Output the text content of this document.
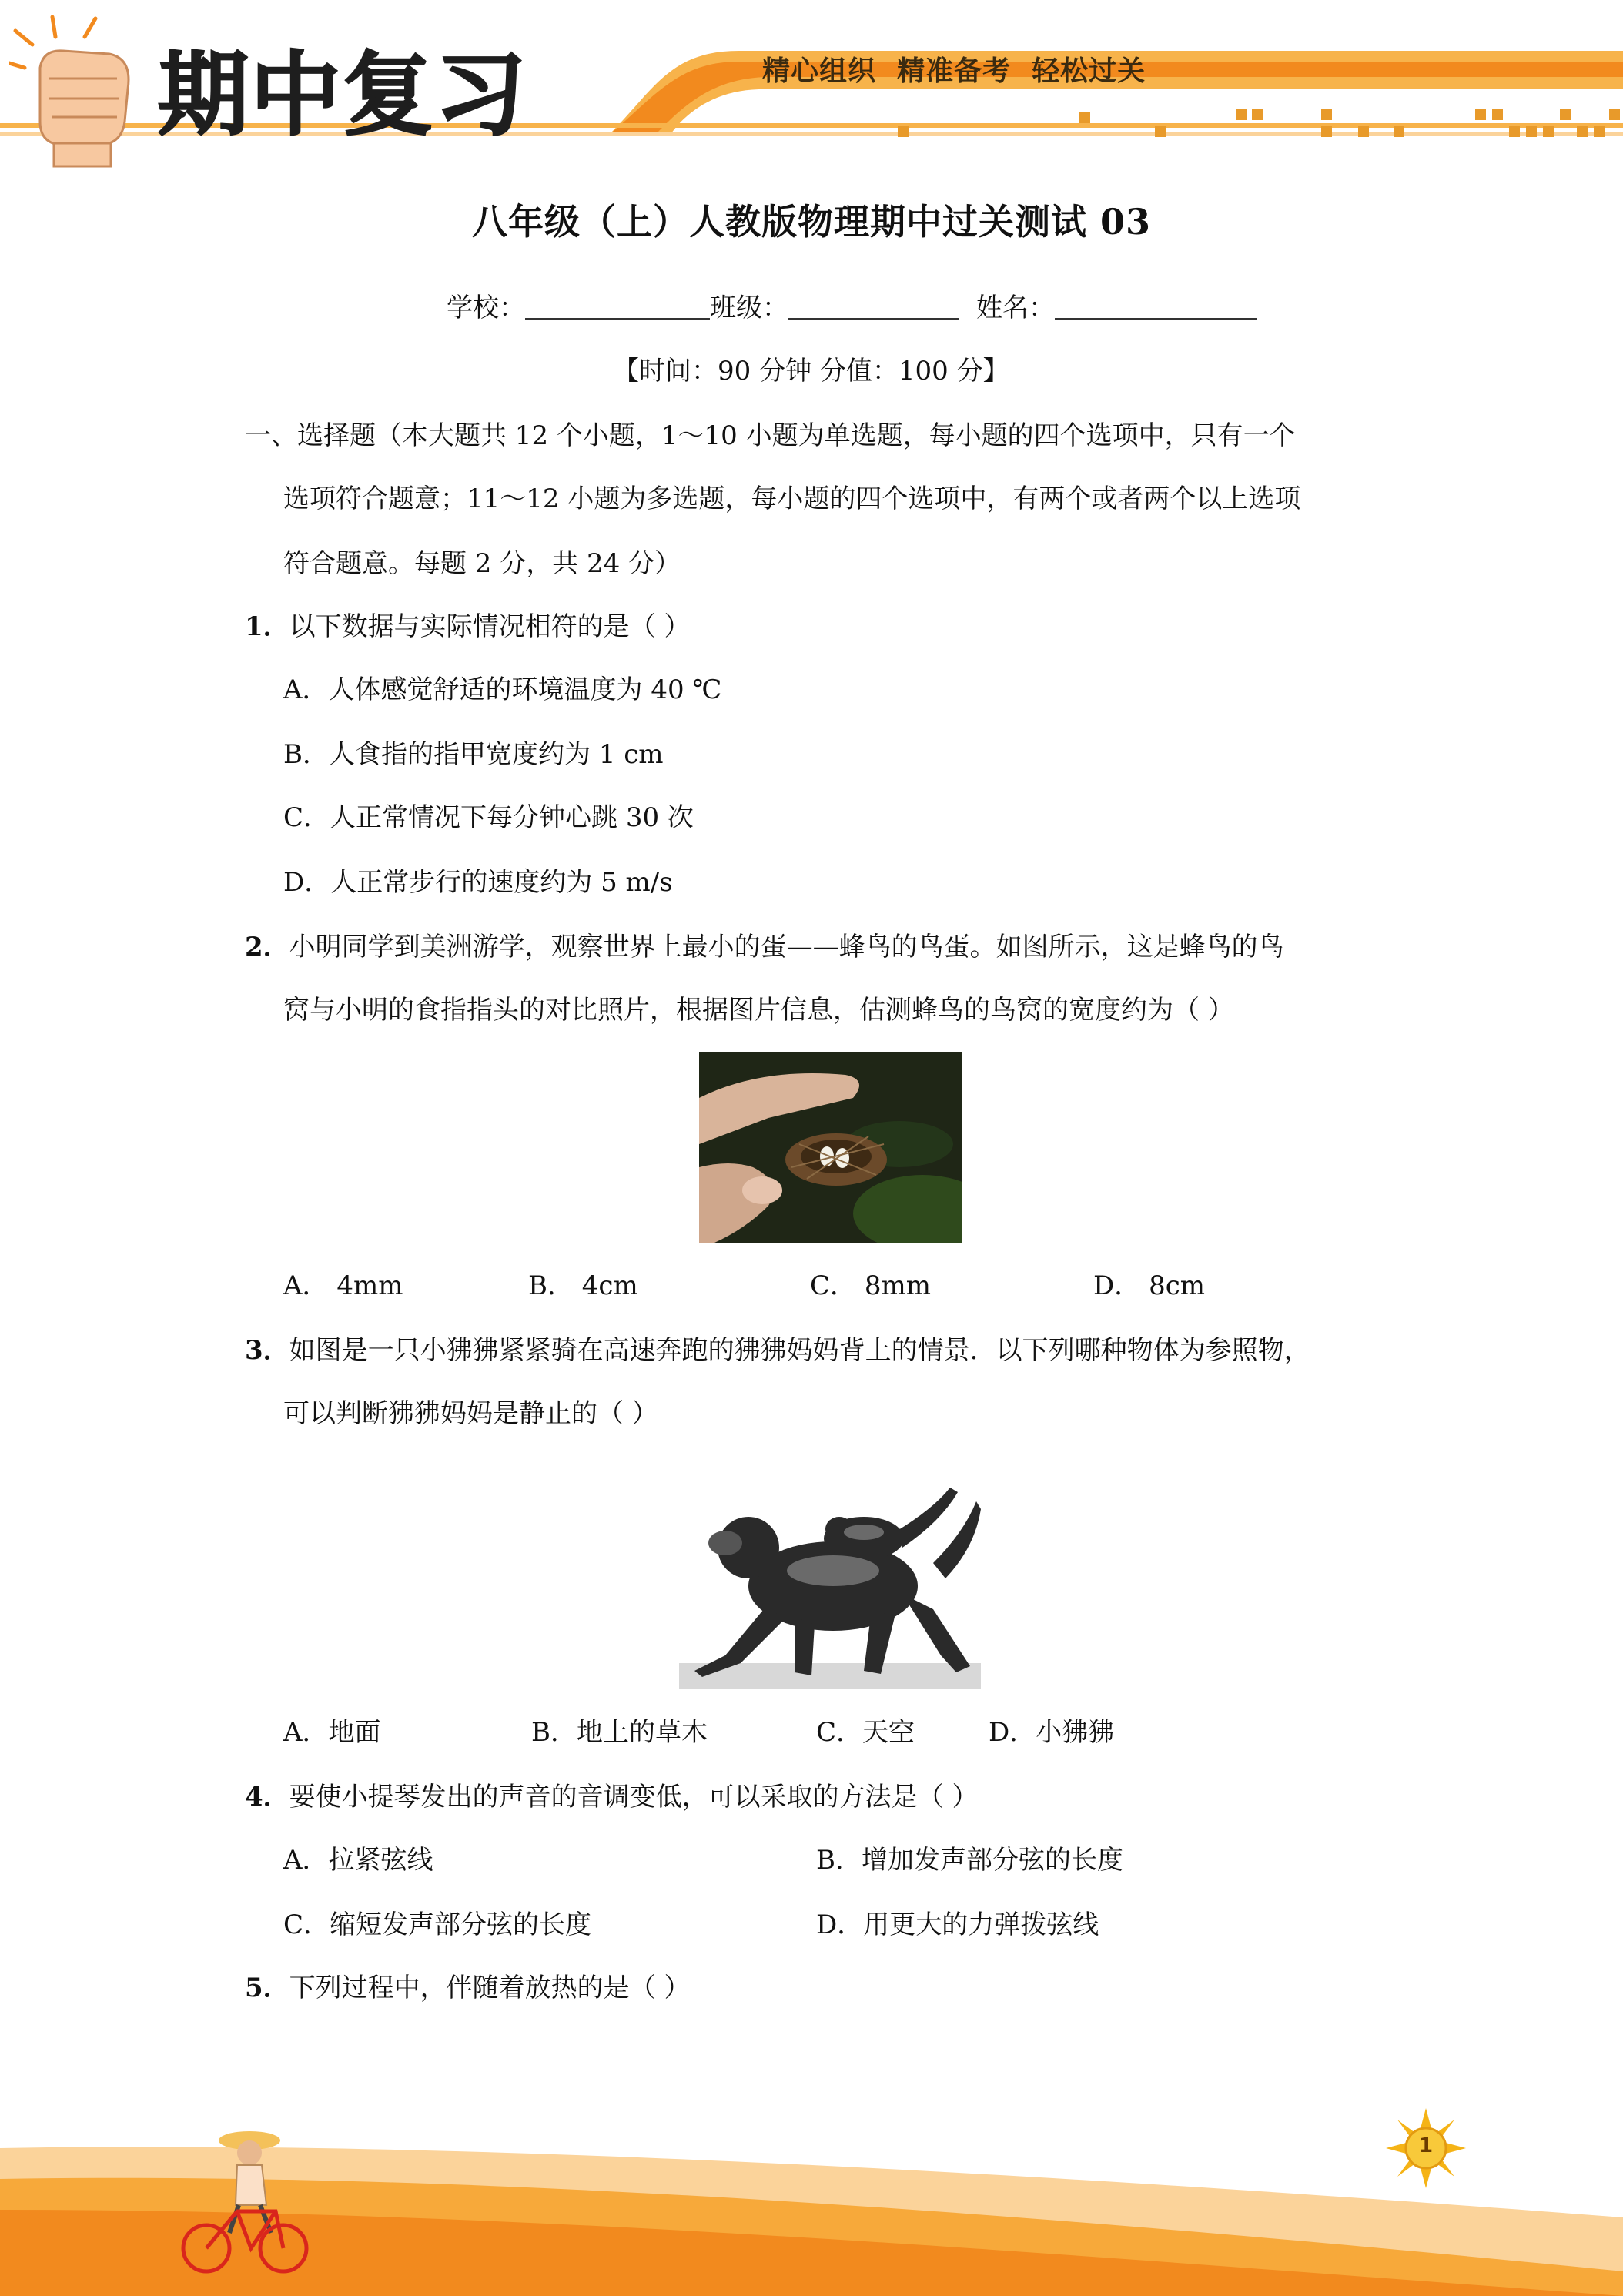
期中复习	精心组织  精准备考  轻松过关
八年级（上）人教版物理期中过关测试 03
学校：	班级：	姓名：
【时间：90 分钟 分值：100 分】
一、选择题（本大题共 12 个小题，1～10 小题为单选题，每小题的四个选项中，只有一个
选项符合题意；11～12 小题为多选题，每小题的四个选项中，有两个或者两个以上选项
符合题意。每题 2 分，共 24 分）
1．以下数据与实际情况相符的是（ ）
A．人体感觉舒适的环境温度为 40 ℃
B．人食指的指甲宽度约为 1 cm
C．人正常情况下每分钟心跳 30 次
D．人正常步行的速度约为 5 m/s
2．小明同学到美洲游学，观察世界上最小的蛋——蜂鸟的鸟蛋。如图所示，这是蜂鸟的鸟
窝与小明的食指指头的对比照片，根据图片信息，估测蜂鸟的鸟窝的宽度约为（ ）
A． 4mm	B． 4cm	C． 8mm	D． 8cm
3．如图是一只小狒狒紧紧骑在高速奔跑的狒狒妈妈背上的情景．以下列哪种物体为参照物，
可以判断狒狒妈妈是静止的（ ）
A．地面	B．地上的草木	C．天空	D．小狒狒
4．要使小提琴发出的声音的音调变低，可以采取的方法是（ ）
A．拉紧弦线	B．增加发声部分弦的长度
C．缩短发声部分弦的长度	D．用更大的力弹拨弦线
5．下列过程中，伴随着放热的是（ ）
1
